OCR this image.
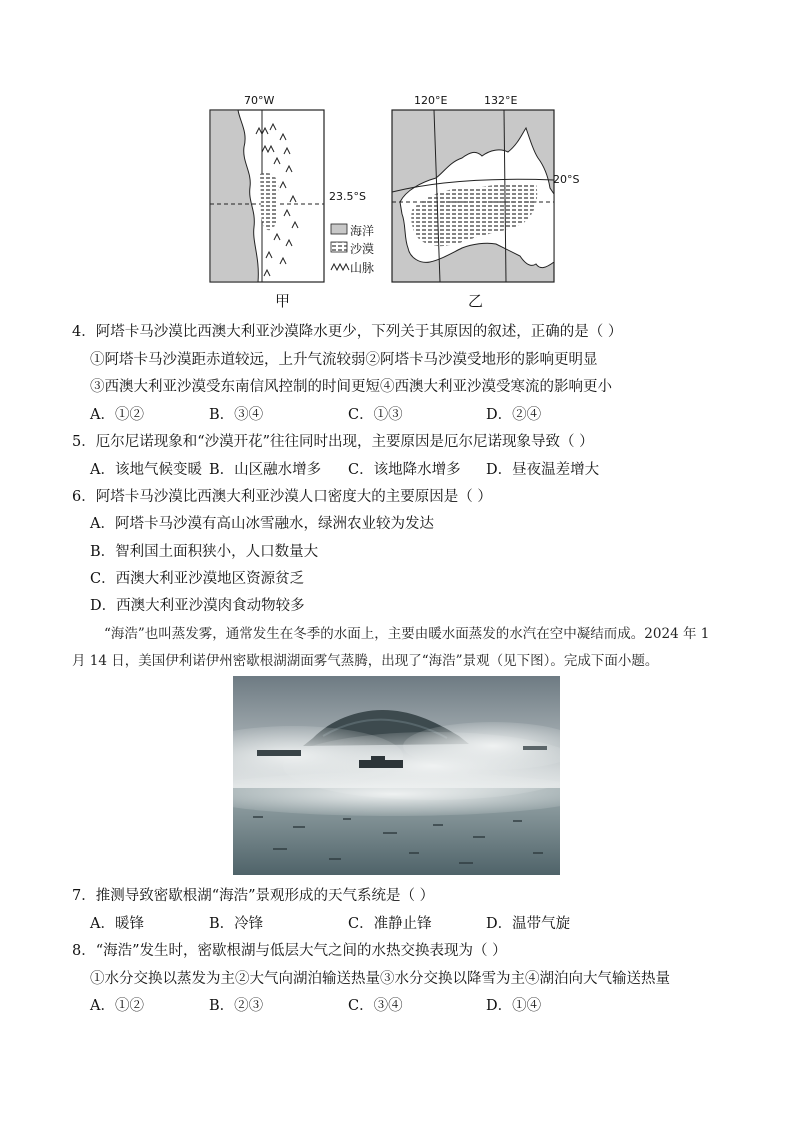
70°W
23.5°S
海洋
沙漠
山脉
120°E	132°E
20°S
甲	乙
4．阿塔卡马沙漠比西澳大利亚沙漠降水更少，下列关于其原因的叙述，正确的是（ ）
①阿塔卡马沙漠距赤道较远，上升气流较弱②阿塔卡马沙漠受地形的影响更明显
③西澳大利亚沙漠受东南信风控制的时间更短④西澳大利亚沙漠受寒流的影响更小
A．①②	B．③④	C．①③	D．②④
5．厄尔尼诺现象和“沙漠开花”往往同时出现，主要原因是厄尔尼诺现象导致（ ）
A．该地气候变暖 B．山区融水增多 C．该地降水增多 D．昼夜温差增大
6．阿塔卡马沙漠比西澳大利亚沙漠人口密度大的主要原因是（ ）
A．阿塔卡马沙漠有高山冰雪融水，绿洲农业较为发达
B．智利国土面积狭小，人口数量大
C．西澳大利亚沙漠地区资源贫乏
D．西澳大利亚沙漠肉食动物较多
“海浩”也叫蒸发雾，通常发生在冬季的水面上，主要由暖水面蒸发的水汽在空中凝结而成。2024 年 1
月 14 日，美国伊利诺伊州密歇根湖湖面雾气蒸腾，出现了“海浩”景观（见下图）。完成下面小题。
7．推测导致密歇根湖“海浩”景观形成的天气系统是（ ）
A．暖锋	B．冷锋	C．准静止锋	D．温带气旋
8．“海浩”发生时，密歇根湖与低层大气之间的水热交换表现为（ ）
①水分交换以蒸发为主②大气向湖泊输送热量③水分交换以降雪为主④湖泊向大气输送热量
A．①②	B．②③	C．③④	D．①④
